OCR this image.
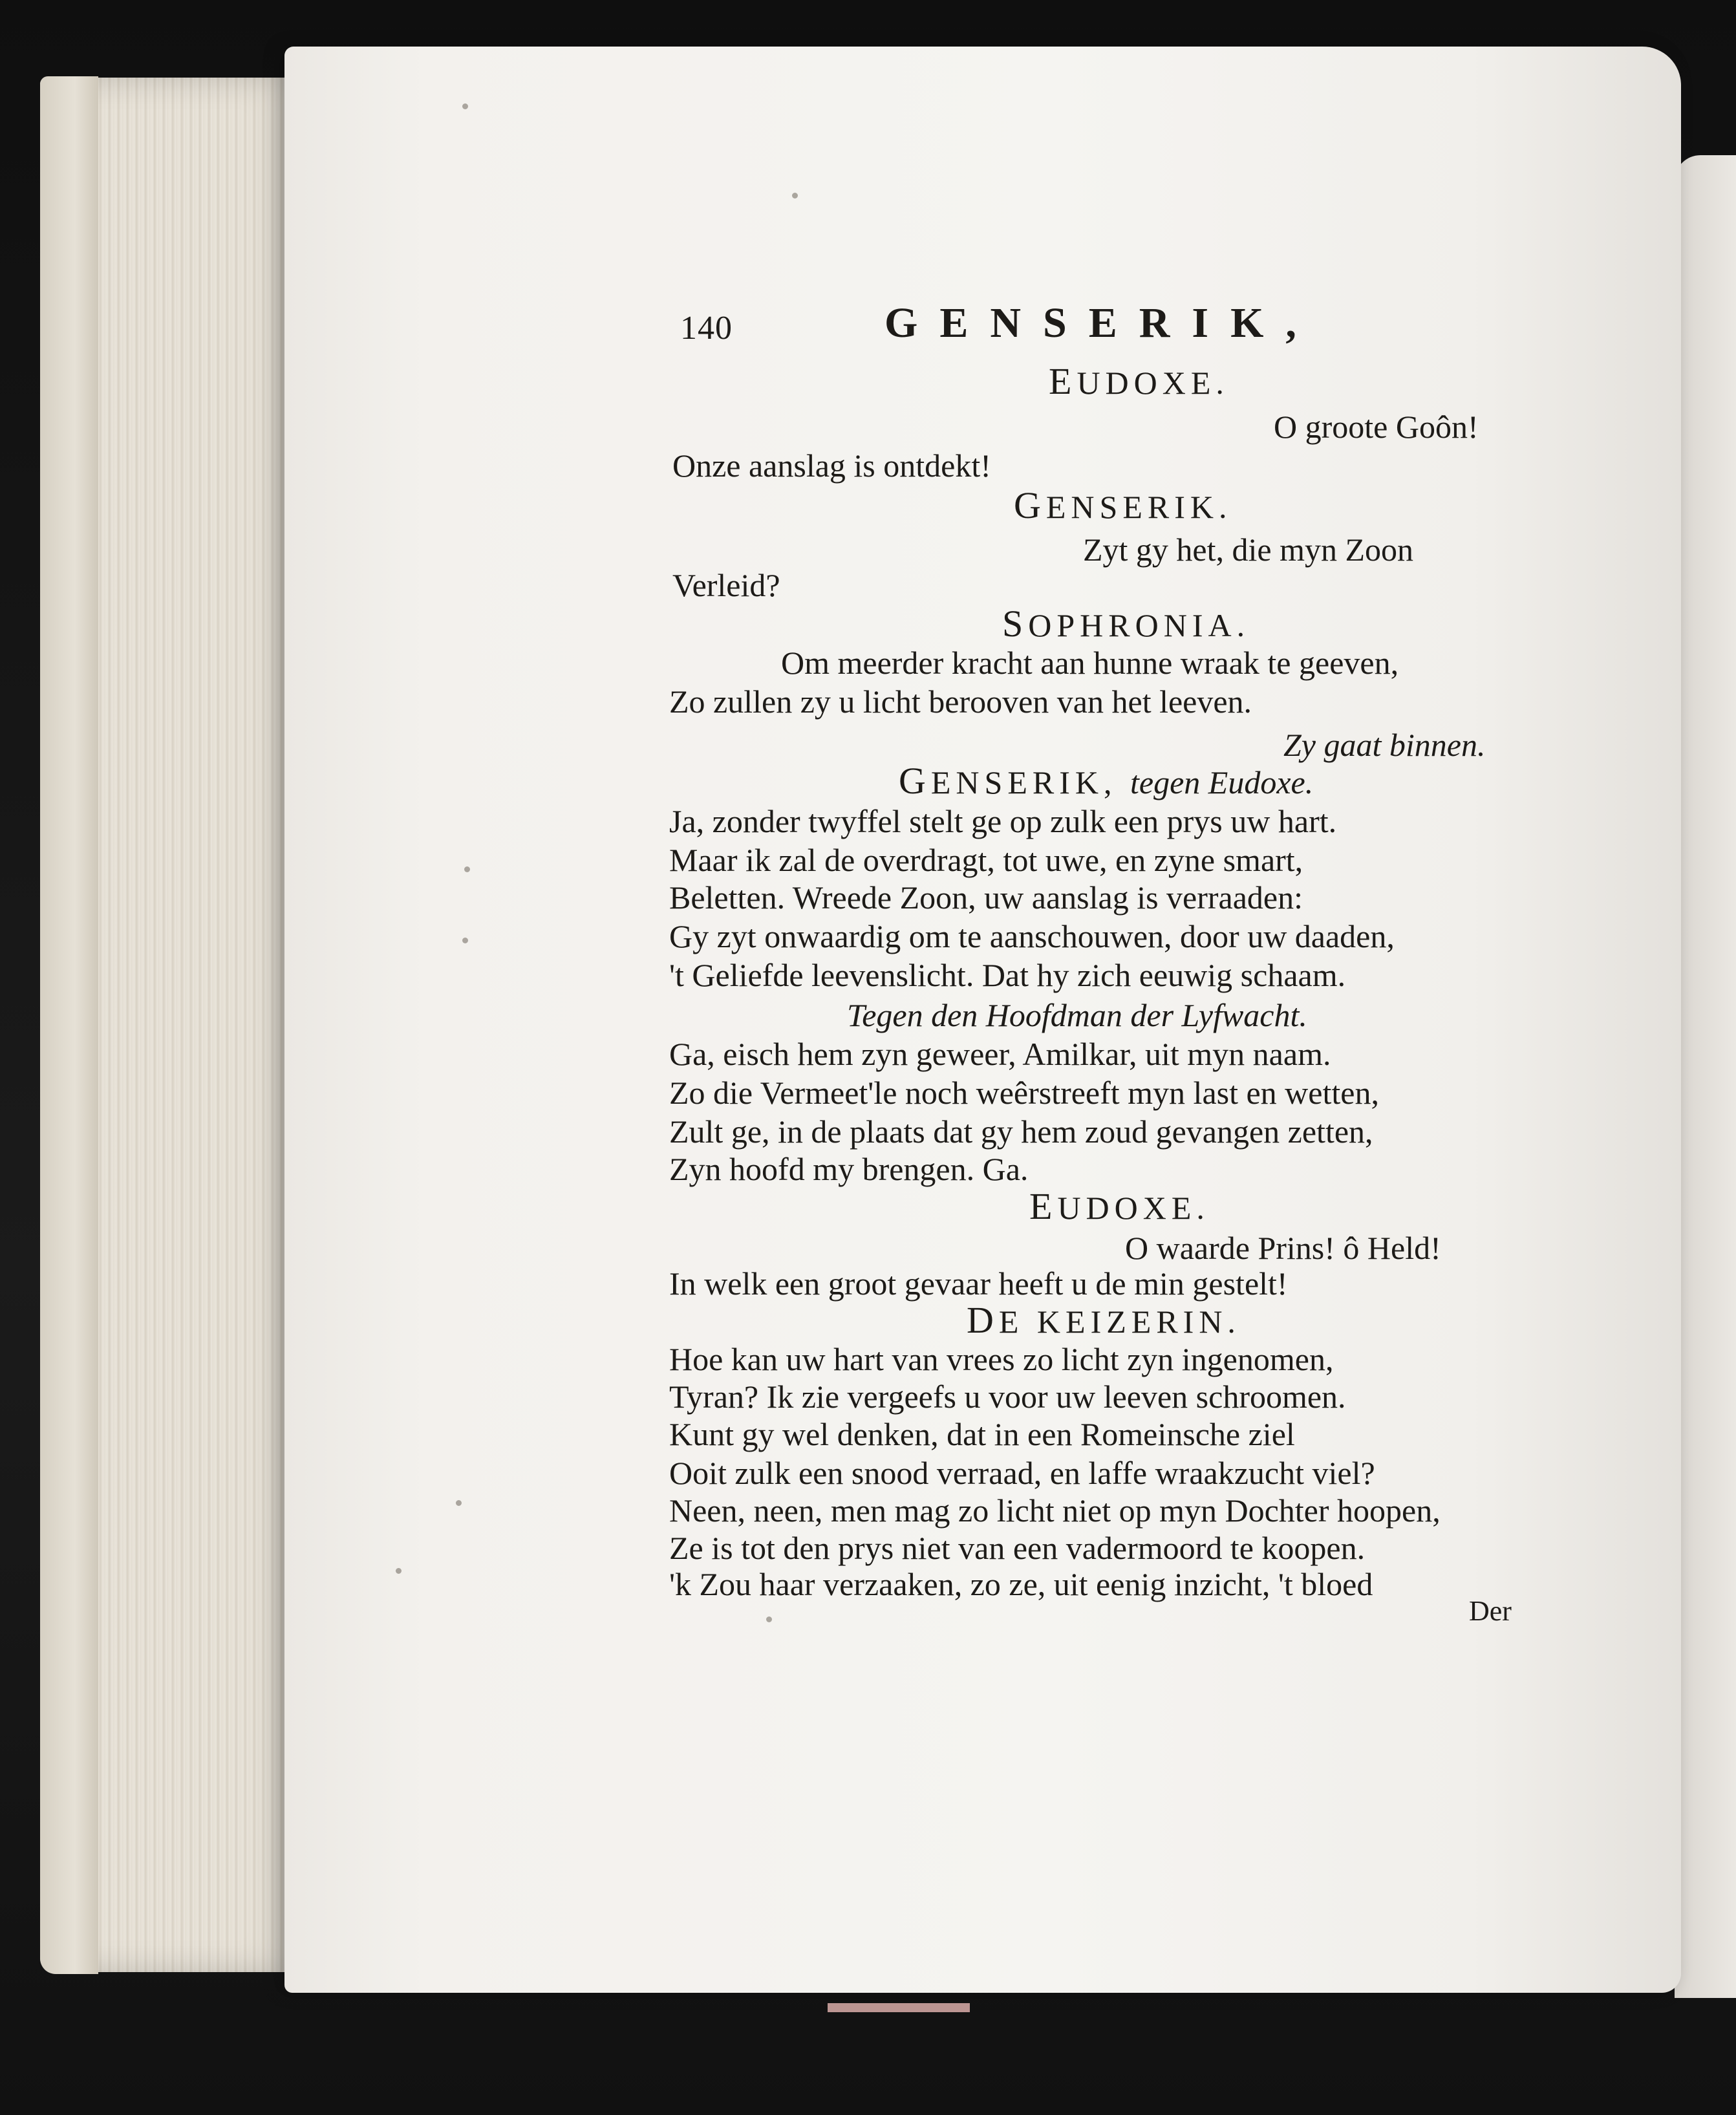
140	GENSERIK,
EUDOXE.
O groote Goôn!
Onze aanslag is ontdekt!
GENSERIK.
Zyt gy het, die myn Zoon
Verleid?
SOPHRONIA.
Om meerder kracht aan hunne wraak te geeven,
Zo zullen zy u licht berooven van het leeven.
Zy gaat binnen.
GENSERIK, tegen Eudoxe.
Ja, zonder twyffel stelt ge op zulk een prys uw hart.
Maar ik zal de overdragt, tot uwe, en zyne smart,
Beletten. Wreede Zoon, uw aanslag is verraaden:
Gy zyt onwaardig om te aanschouwen, door uw daaden,
't Geliefde leevenslicht. Dat hy zich eeuwig schaam.
Tegen den Hoofdman der Lyfwacht.
Ga, eisch hem zyn geweer, Amilkar, uit myn naam.
Zo die Vermeet'le noch weêrstreeft myn last en wetten,
Zult ge, in de plaats dat gy hem zoud gevangen zetten,
Zyn hoofd my brengen. Ga.
EUDOXE.
O waarde Prins! ô Held!
In welk een groot gevaar heeft u de min gestelt!
DE KEIZERIN.
Hoe kan uw hart van vrees zo licht zyn ingenomen,
Tyran? Ik zie vergeefs u voor uw leeven schroomen.
Kunt gy wel denken, dat in een Romeinsche ziel
Ooit zulk een snood verraad, en laffe wraakzucht viel?
Neen, neen, men mag zo licht niet op myn Dochter hoopen,
Ze is tot den prys niet van een vadermoord te koopen.
'k Zou haar verzaaken, zo ze, uit eenig inzicht, 't bloed
Der
